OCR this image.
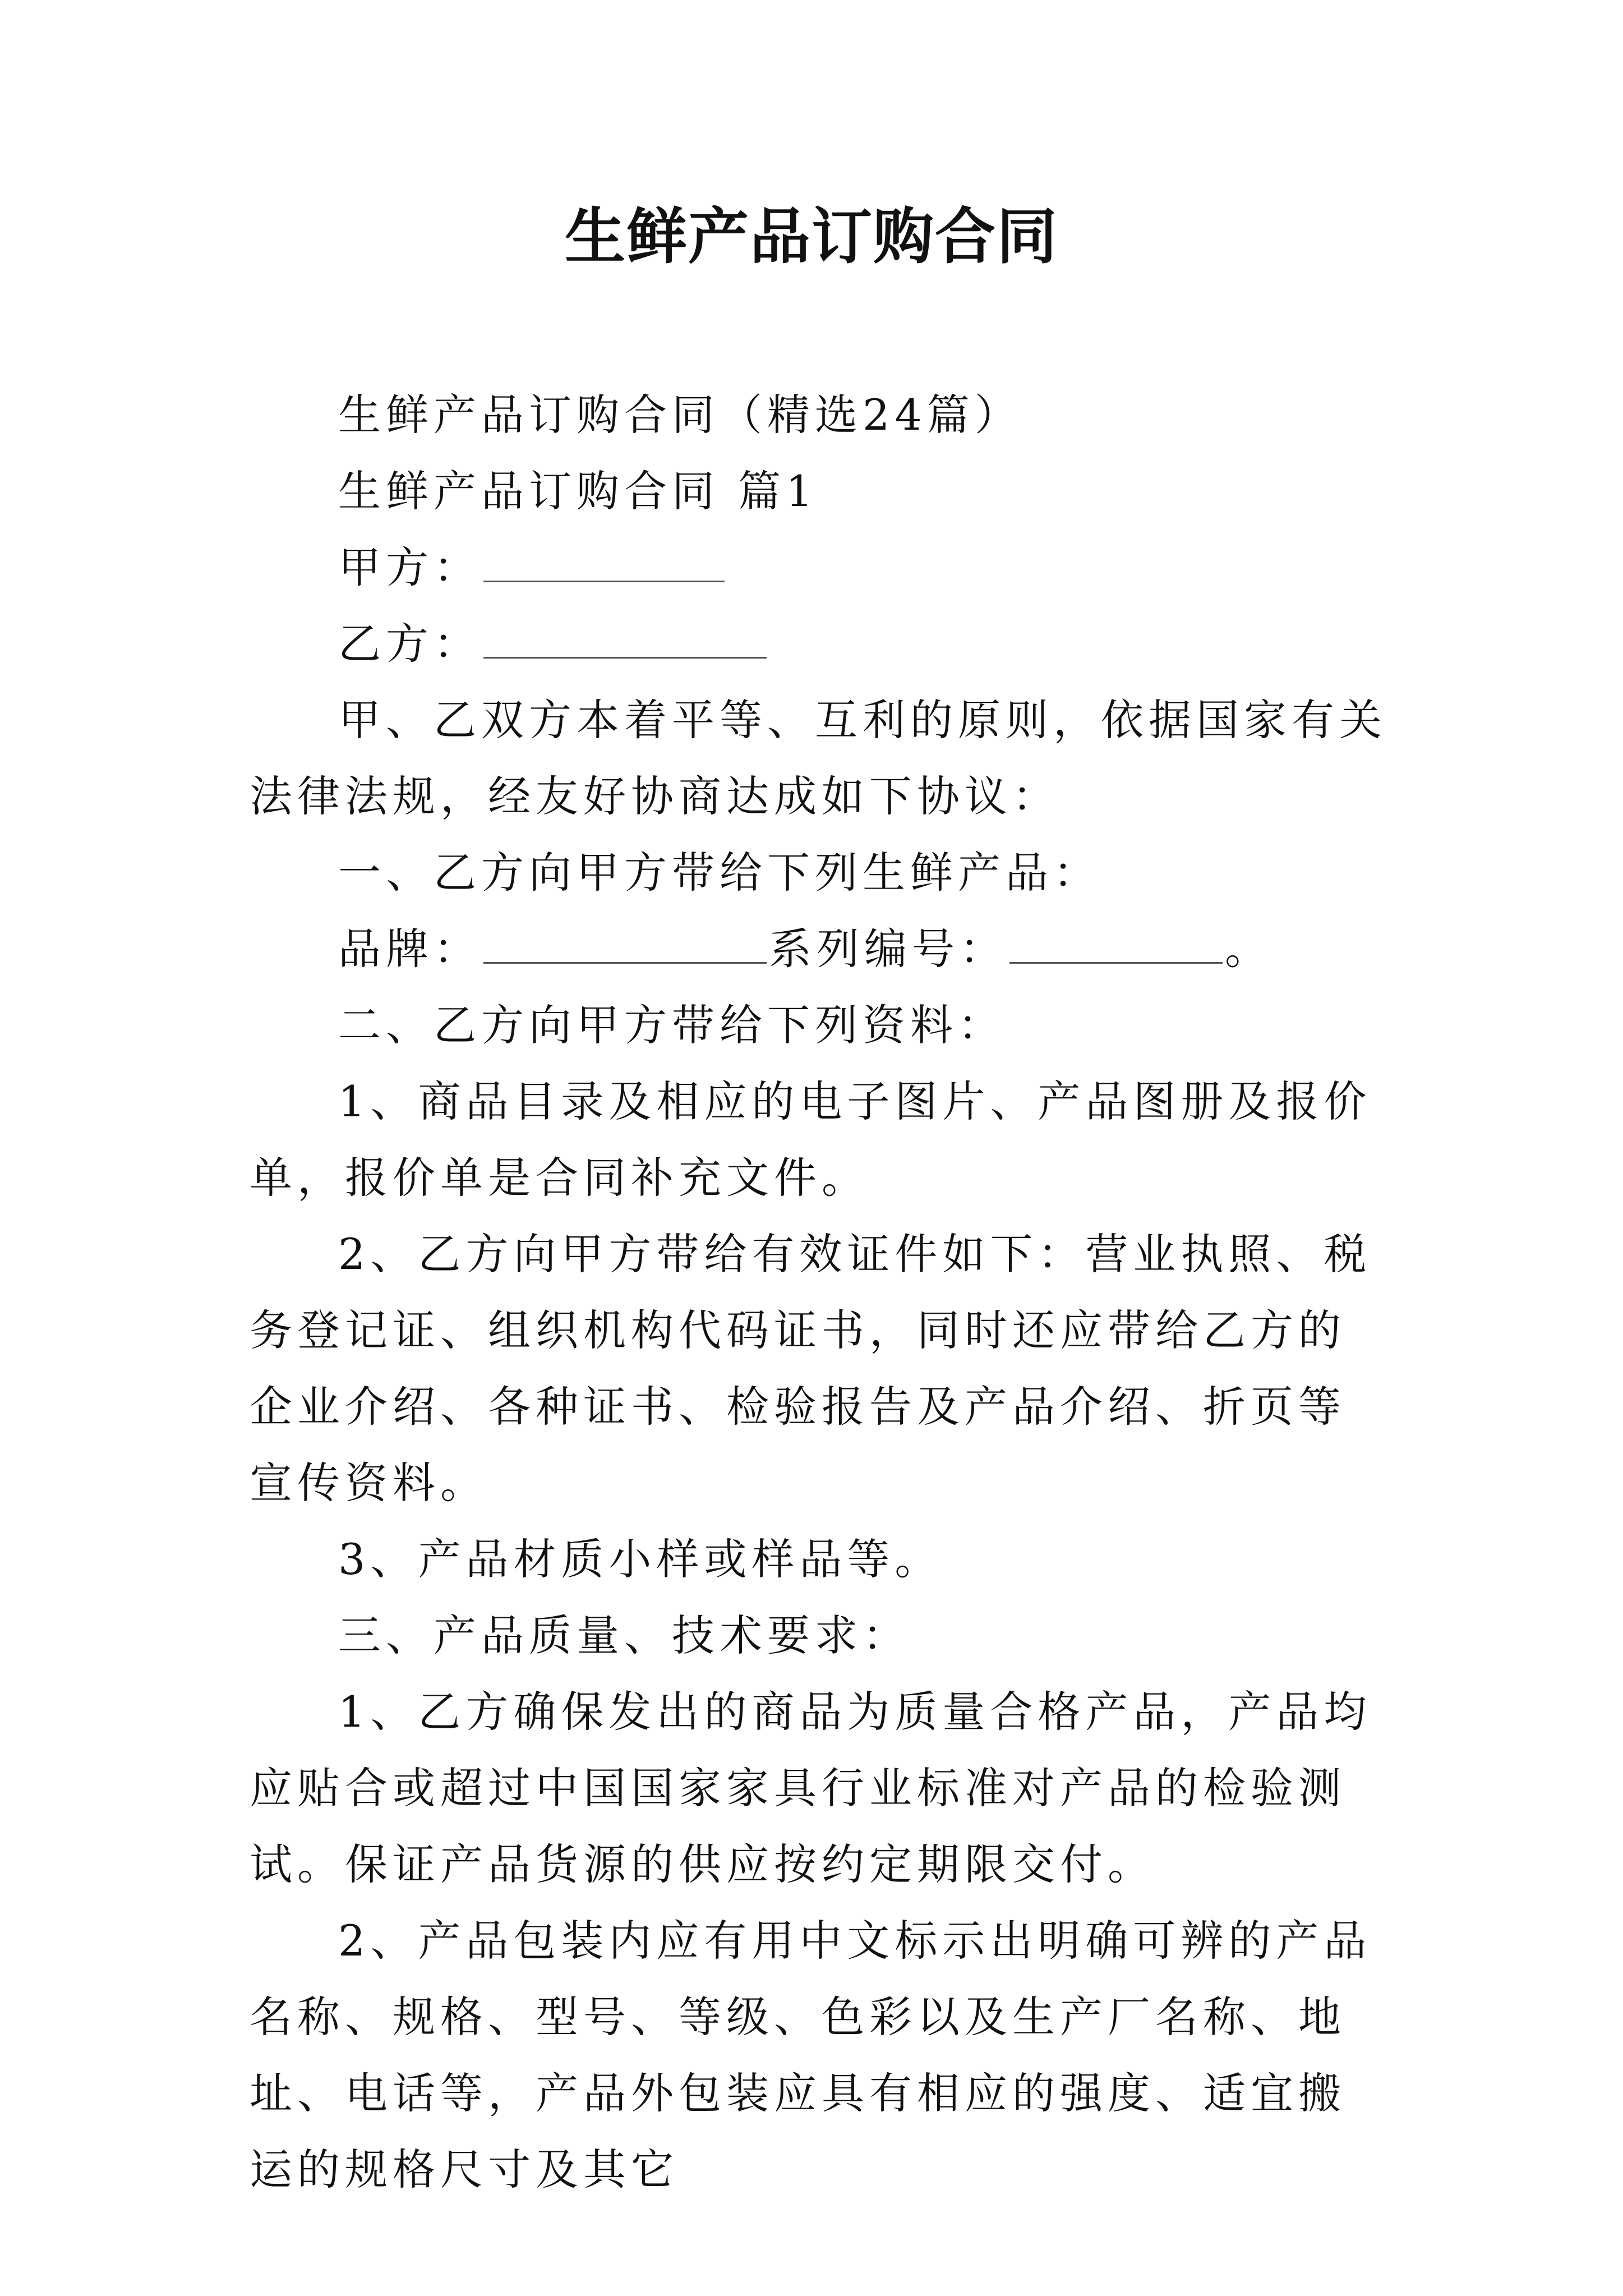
生鲜产品订购合同

生鲜产品订购合同（精选24篇）

生鲜产品订购合同 篇1

甲方：

乙方：

甲、乙双方本着平等、互利的原则，依据国家有关法律法规，经友好协商达成如下协议：

一、乙方向甲方带给下列生鲜产品：

品牌：	系列编号：	。

二、乙方向甲方带给下列资料：

1、商品目录及相应的电子图片、产品图册及报价单，报价单是合同补充文件。

2、乙方向甲方带给有效证件如下：营业执照、税务登记证、组织机构代码证书，同时还应带给乙方的企业介绍、各种证书、检验报告及产品介绍、折页等宣传资料。

3、产品材质小样或样品等。

三、产品质量、技术要求：

1、乙方确保发出的商品为质量合格产品，产品均应贴合或超过中国国家家具行业标准对产品的检验测试。保证产品货源的供应按约定期限交付。

2、产品包装内应有用中文标示出明确可辨的产品名称、规格、型号、等级、色彩以及生产厂名称、地址、电话等，产品外包装应具有相应的强度、适宜搬运的规格尺寸及其它
